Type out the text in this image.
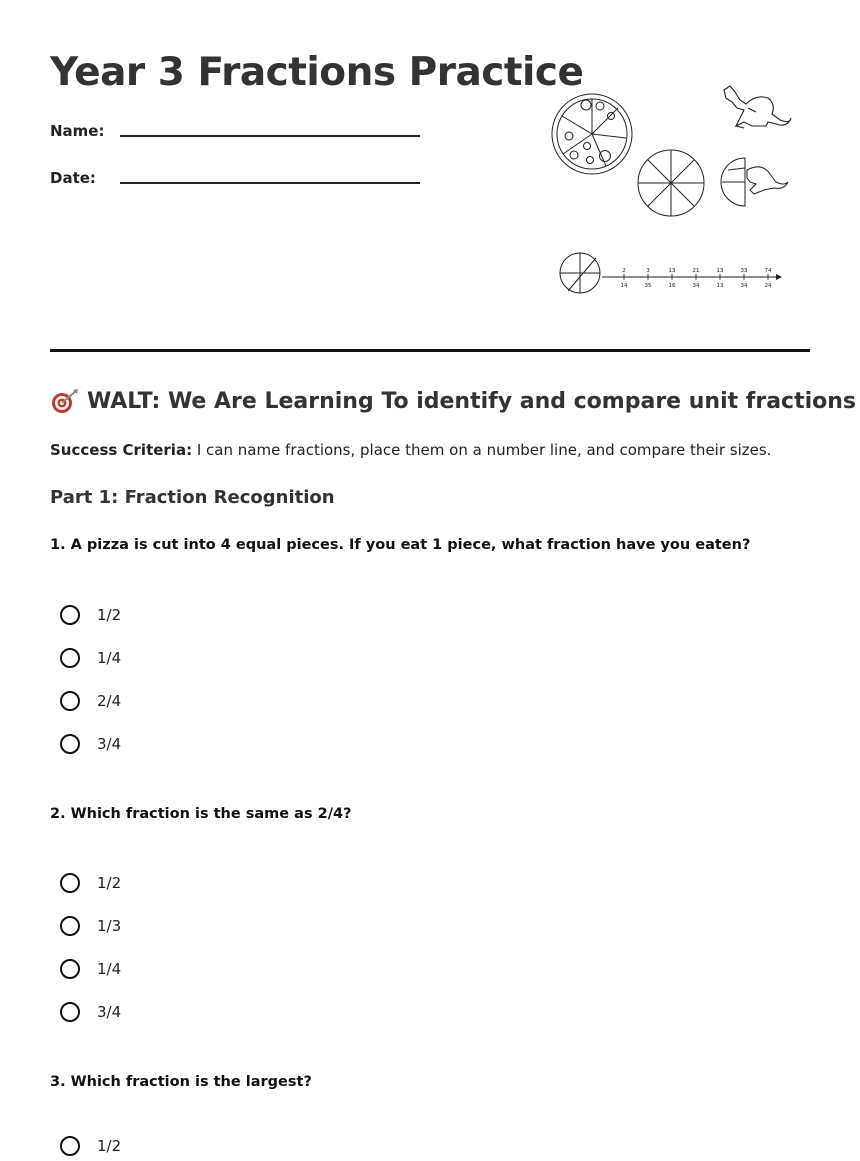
Year 3 Fractions Practice
Name:
Date:
2
14
3
35
13
16
21
34
13
13
33
34
74
24
WALT: We Are Learning To identify and compare unit fractions
Success Criteria: I can name fractions, place them on a number line, and compare their sizes.
Part 1: Fraction Recognition

1. A pizza is cut into 4 equal pieces. If you eat 1 piece, what fraction have you eaten?

1/2
1/4
2/4
3/4

2. Which fraction is the same as 2/4?

1/2
1/3
1/4
3/4

3. Which fraction is the largest?

1/2
